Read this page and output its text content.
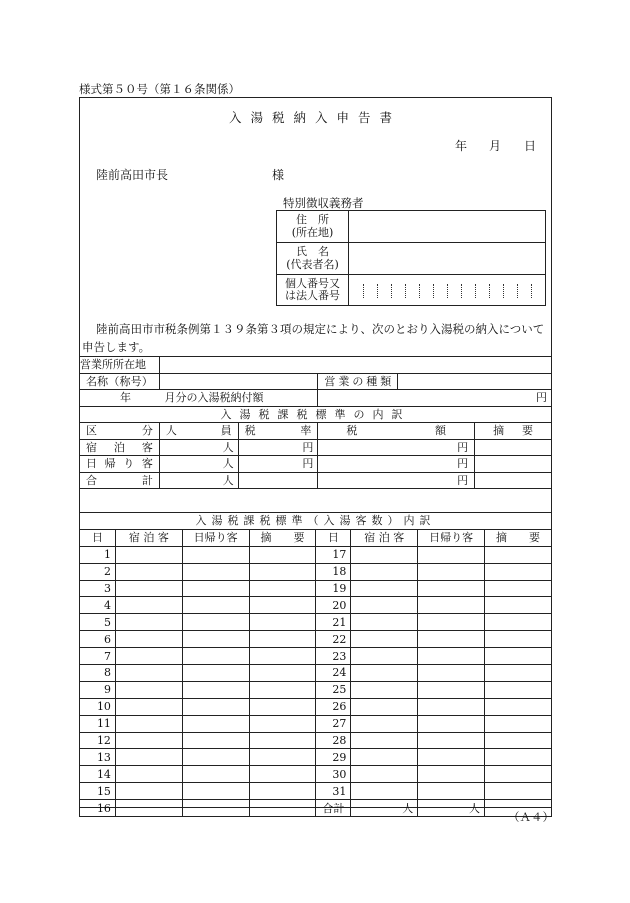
様式第５０号（第１６条関係）
入湯税納入申告書
年 月 日
陸前高田市長	様
特別徴収義務者
住　所
(所在地)	

氏　名
(代表者名)	

個人番号又
は法人番号	

陸前高田市市税条例第１３９条第３項の規定により、次のとおり入湯税の納入について申告します。
営業所所在地					
名称（称号）			営業の種類		
年 月分の入湯税納付額			円		
入湯税課税標準の内訳					
区分	人員	税率	税額		摘要
宿泊客	人	円	円		
日帰り客	人	円	円		
合計	人		円		
入湯税課税標準（入湯客数）内訳							
日	宿 泊 客	日帰り客	摘　　要	日	宿 泊 客	日帰り客	摘　　要
1				17			
2				18			
3				19			
4				20			
5				21			
6				22			
7				23			
8				24			
9				25			
10				26			
11				27			
12				28			
13				29			
14				30			
15				31			
16				合計	人	人	
（Ａ４）
